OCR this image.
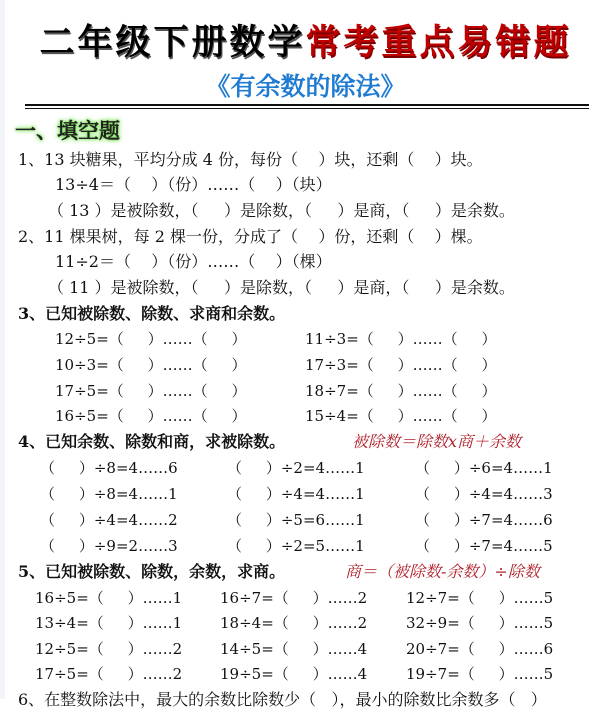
二年级下册数学常考重点易错题
《有余数的除法》
一、填空题
1、13 块糖果，平均分成 4 份，每份（    ）块，还剩（    ）块。
13÷4＝（    ）（份）……（    ）（块）
（ 13 ）是被除数，（     ）是除数，（     ）是商，（     ）是余数。
2、11 棵果树，每 2 棵一份，分成了（    ）份，还剩（    ）棵。
11÷2＝（    ）（份）……（    ）（棵）
（ 11 ）是被除数，（     ）是除数，（     ）是商，（     ）是余数。
3、已知被除数、除数、求商和余数。
12÷5=（     ）……（     ）	11÷3=（     ）……（     ）
10÷3=（     ）……（     ）	17÷3=（     ）……（     ）
17÷5=（     ）……（     ）	18÷7=（     ）……（     ）
16÷5=（     ）……（     ）	15÷4=（     ）……（     ）
4、已知余数、除数和商，求被除数。	被除数＝除数x商＋余数
（     ）÷8=4……6	（     ）÷2=4……1	（     ）÷6=4……1
（     ）÷8=4……1	（     ）÷4=4……1	（     ）÷4=4……3
（     ）÷4=4……2	（     ）÷5=6……1	（     ）÷7=4……6
（     ）÷9=2……3	（     ）÷2=5……1	（     ）÷7=4……5
5、已知被除数、除数，余数，求商。	商＝（被除数-余数）÷除数
16÷5=（     ）……1	16÷7=（     ）……2	12÷7=（     ）……5
13÷4=（     ）……1	18÷4=（     ）……2	32÷9=（     ）……5
12÷5=（     ）……2	14÷5=（     ）……4	20÷7=（     ）……6
17÷5=（     ）……2	19÷5=（     ）……4	19÷7=（     ）……5
6、在整数除法中，最大的余数比除数少（   ），最小的除数比余数多（   ）
